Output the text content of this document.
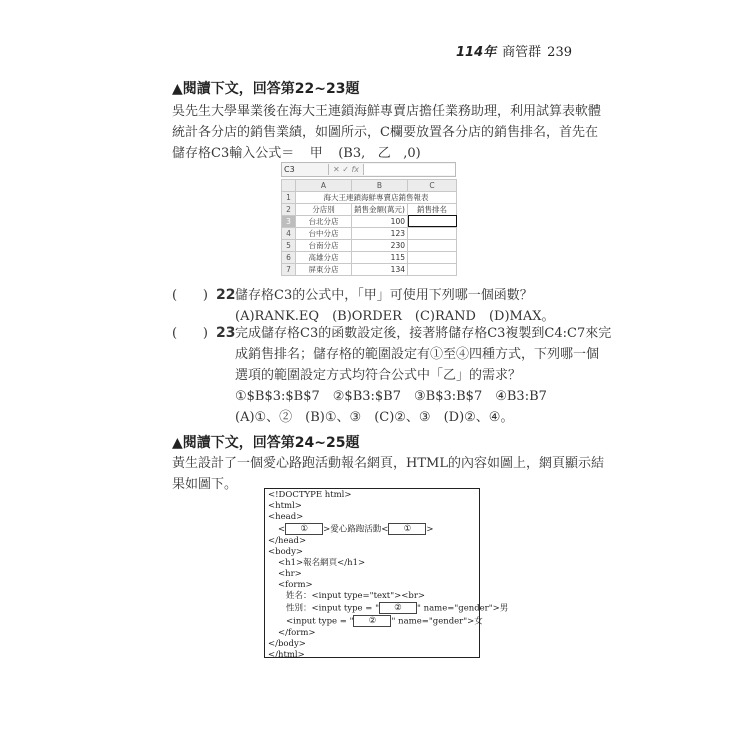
114年 商管群 239
▲閱讀下文，回答第22~23題

吳先生大學畢業後在海大王連鎖海鮮專賣店擔任業務助理，利用試算表軟體

統計各分店的銷售業績，如圖所示，C欄要放置各分店的銷售排名，首先在

儲存格C3輸入公式＝ 甲 (B3, 乙 ,0)

C3	✕ ✓ fx
	A	B	C
1	海大王連鎖海鮮專賣店銷售報表		
2	分店別	銷售金額(萬元)	銷售排名
3	台北分店	100	
4	台中分店	123	
5	台南分店	230	
6	高雄分店	115	
7	屏東分店	134	
( ) 22 儲存格C3的公式中，「甲」可使用下列哪一個函數？

(A)RANK.EQ　(B)ORDER　(C)RAND　(D)MAX。

( ) 23 完成儲存格C3的函數設定後，接著將儲存格C3複製到C4:C7來完

成銷售排名；儲存格的範圍設定有①至④四種方式，下列哪一個

選項的範圍設定方式均符合公式中「乙」的需求？

①$B$3:$B$7　②$B3:$B7　③B$3:B$7　④B3:B7

(A)①、②　(B)①、③　(C)②、③　(D)②、④。

▲閱讀下文，回答第24~25題

黃生設計了一個愛心路跑活動報名網頁，HTML的內容如圖上，網頁顯示結

果如圖下。

<!DOCTYPE html>

<html>

<head>

< ① >愛心路跑活動< ① >

</head>

<body>

<h1>報名網頁</h1>

<hr>

<form>

姓名：<input type="text"><br>

性別：<input type = " ② " name="gender">男

<input type = " ② " name="gender">女

</form>

</body>

</html>
